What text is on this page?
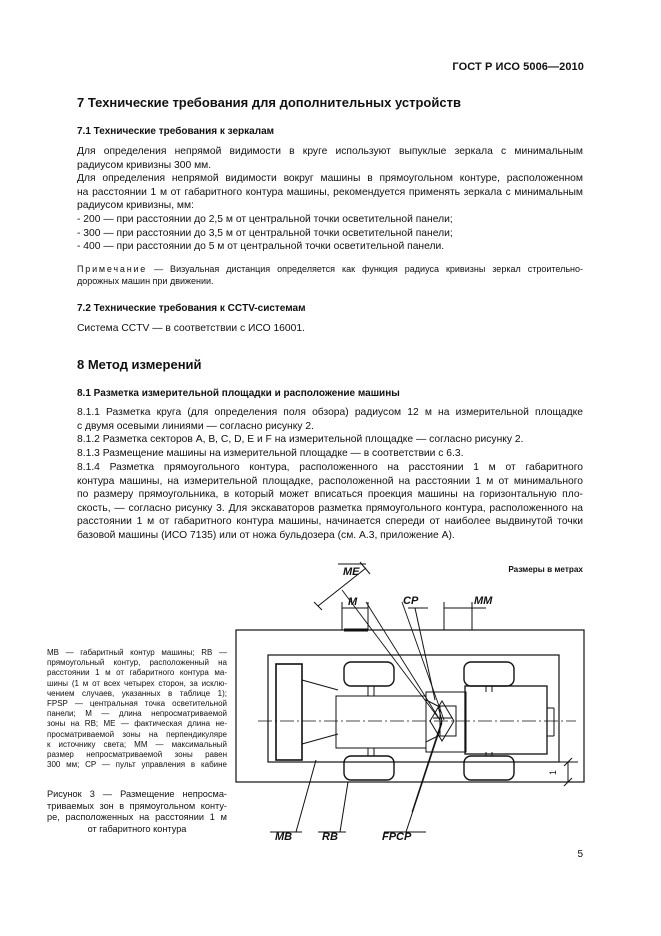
ГОСТ Р ИСО 5006—2010
7 Технические требования для дополнительных устройств
7.1 Технические требования к зеркалам
Для определения непрямой видимости в круге используют выпуклые зеркала с минимальным
радиусом кривизны 300 мм.
Для определения непрямой видимости вокруг машины в прямоугольном контуре, расположенном
на расстоянии 1 м от габаритного контура машины, рекомендуется применять зеркала с минимальным
радиусом кривизны, мм:
- 200 — при расстоянии до 2,5 м от центральной точки осветительной панели;
- 300 — при расстоянии до 3,5 м от центральной точки осветительной панели;
- 400 — при расстоянии до 5 м от центральной точки осветительной панели.
Примечание — Визуальная дистанция определяется как функция радиуса кривизны зеркал строительно-
дорожных машин при движении.
7.2 Технические требования к CCTV-системам
Система CCTV — в соответствии с ИСО 16001.
8 Метод измерений
8.1 Разметка измерительной площадки и расположение машины
8.1.1 Разметка круга (для определения поля обзора) радиусом 12 м на измерительной площадке
с двумя осевыми линиями — согласно рисунку 2.
8.1.2 Разметка секторов A, B, C, D, E и F на измерительной площадке — согласно рисунку 2.
8.1.3 Размещение машины на измерительной площадке — в соответствии с 6.3.
8.1.4 Разметка прямоугольного контура, расположенного на расстоянии 1 м от габаритного
контура машины, на измерительной площадке, расположенной на расстоянии 1 м от минимального
по размеру прямоугольника, в который может вписаться проекция машины на горизонтальную пло-
скость, — согласно рисунку 3. Для экскаваторов разметка прямоугольного контура, расположенного на
расстоянии 1 м от габаритного контура машины, начинается спереди от наиболее выдвинутой точки
базовой машины (ИСО 7135) или от ножа бульдозера (см. А.3, приложение А).
Размеры в метрах
ME
M	CP	MM
MB	RB	FPCP
1
MB — габаритный контур машины; RB —
прямоугольный контур, расположенный на
расстоянии 1 м от габаритного контура ма-
шины (1 м от всех четырех сторон, за исклю-
чением случаев, указанных в таблице 1);
FPSP — центральная точка осветительной
панели; M — длина непросматриваемой
зоны на RB; ME — фактическая длина не-
просматриваемой зоны на перпендикуляре
к источнику света; MM — максимальный
размер непросматриваемой зоны равен
300 мм; CP — пульт управления в кабине
Рисунок 3 — Размещение непросма-
триваемых зон в прямоугольном конту-
ре, расположенных на расстоянии 1 м
от габаритного контура
5
